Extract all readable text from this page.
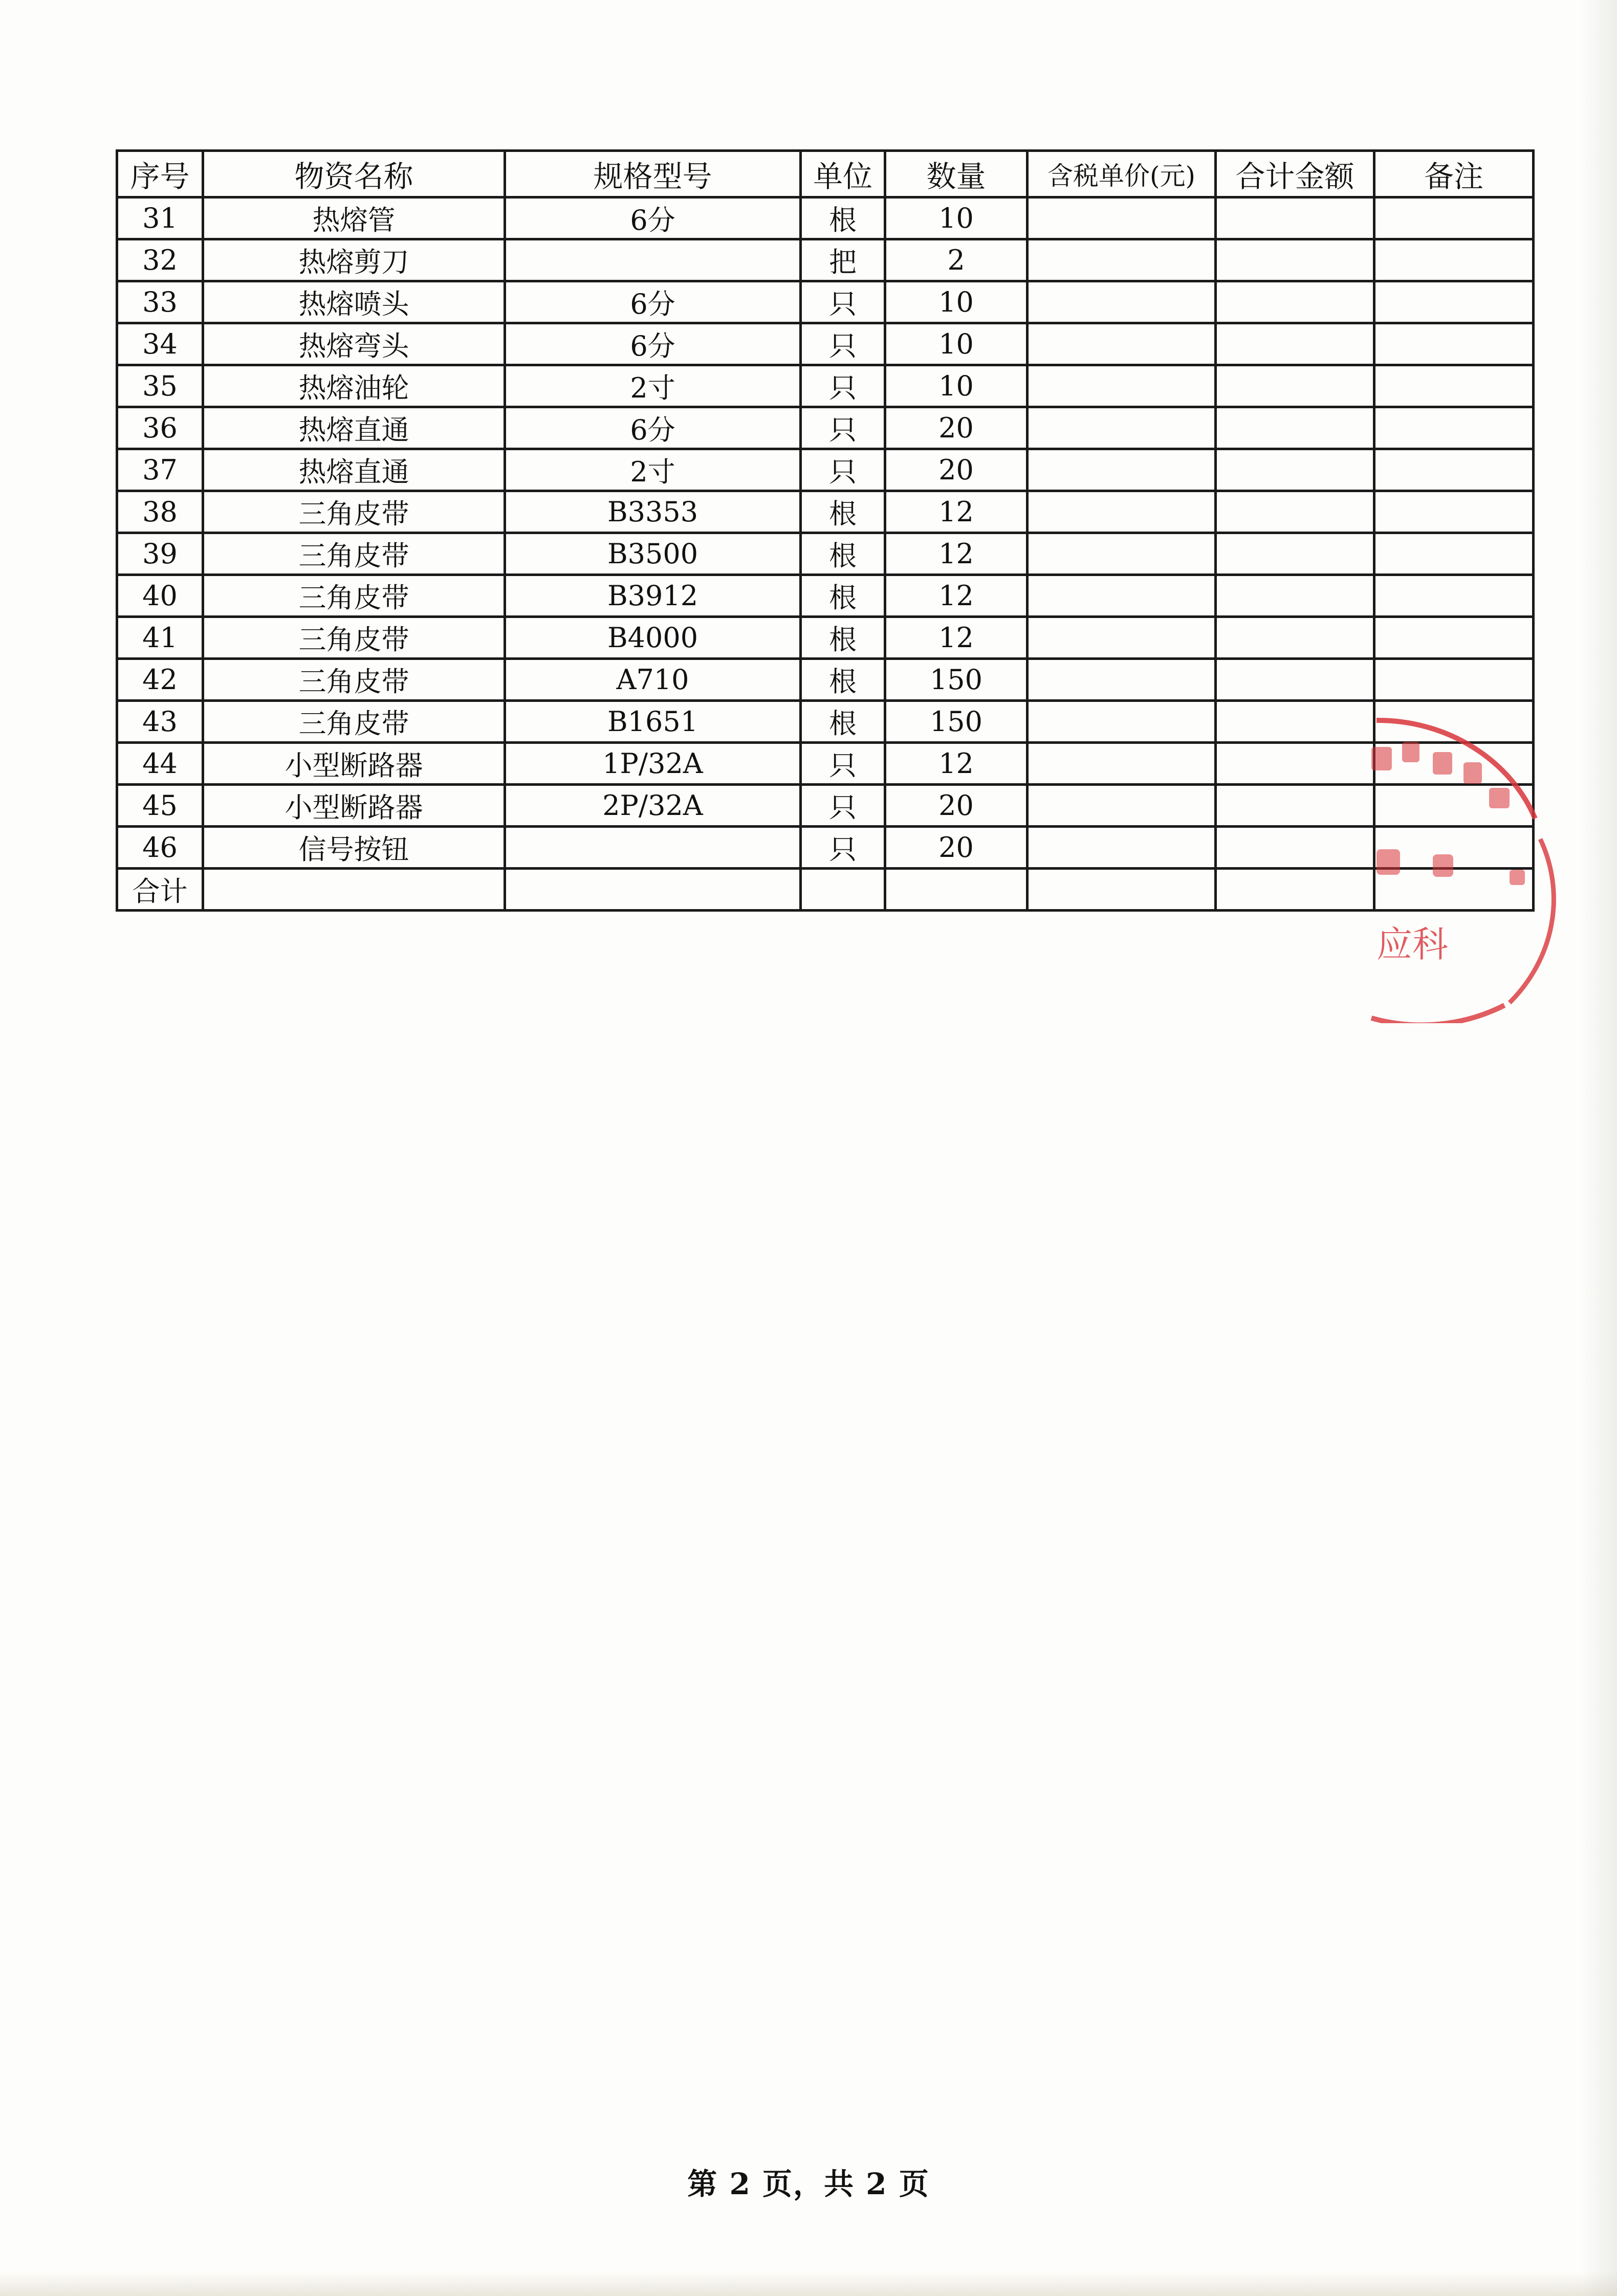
序号	物资名称	规格型号	单位	数量	含税单价(元)	合计金额	备注
31	热熔管	6分	根	10			
32	热熔剪刀		把	2			
33	热熔喷头	6分	只	10			
34	热熔弯头	6分	只	10			
35	热熔油轮	2寸	只	10			
36	热熔直通	6分	只	20			
37	热熔直通	2寸	只	20			
38	三角皮带	B3353	根	12			
39	三角皮带	B3500	根	12			
40	三角皮带	B3912	根	12			
41	三角皮带	B4000	根	12			
42	三角皮带	A710	根	150			
43	三角皮带	B1651	根	150			
44	小型断路器	1P/32A	只	12			
45	小型断路器	2P/32A	只	20			
46	信号按钮		只	20			
合计							
应科
第 2 页，共 2 页
